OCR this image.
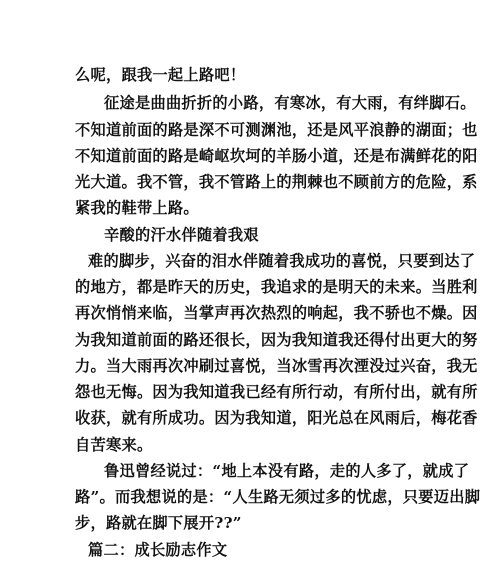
么呢，跟我一起上路吧！
征途是曲曲折折的小路，有寒冰，有大雨，有绊脚石。
不知道前面的路是深不可测渊池，还是风平浪静的湖面；也
不知道前面的路是崎岖坎坷的羊肠小道，还是布满鲜花的阳
光大道。我不管，我不管路上的荆棘也不顾前方的危险，系
紧我的鞋带上路。
辛酸的汗水伴随着我艰
难的脚步，兴奋的泪水伴随着我成功的喜悦，只要到达了
的地方，都是昨天的历史，我追求的是明天的未来。当胜利
再次悄悄来临，当掌声再次热烈的响起，我不骄也不燥。因
为我知道前面的路还很长，因为我知道我还得付出更大的努
力。当大雨再次冲刷过喜悦，当冰雪再次湮没过兴奋，我无
怨也无悔。因为我知道我已经有所行动，有所付出，就有所
收获，就有所成功。因为我知道，阳光总在风雨后，梅花香
自苦寒来。
鲁迅曾经说过：“地上本没有路，走的人多了，就成了
路”。而我想说的是：“人生路无须过多的忧虑，只要迈出脚
步，路就在脚下展开??”
篇二：成长励志作文
